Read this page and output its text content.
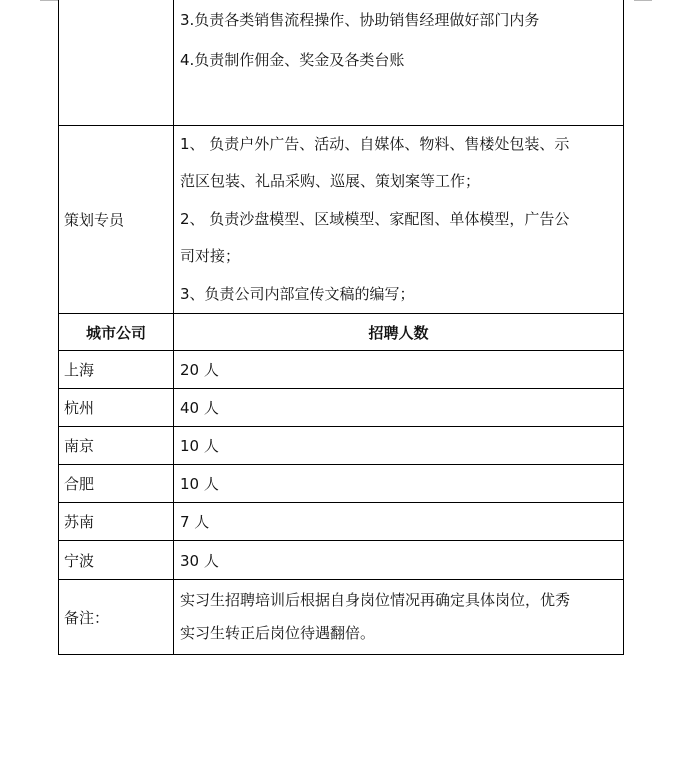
	3.负责各类销售流程操作、协助销售经理做好部门内务
4.负责制作佣金、奖金及各类台账

策划专员	1、 负责户外广告、活动、自媒体、物料、售楼处包装、示
范区包装、礼品采购、巡展、策划案等工作；
2、 负责沙盘模型、区域模型、家配图、单体模型，广告公
司对接；
3、负责公司内部宣传文稿的编写；

城市公司	招聘人数
上海	20 人
杭州	40 人
南京	10 人
合肥	10 人
苏南	7 人
宁波	30 人
备注：	实习生招聘培训后根据自身岗位情况再确定具体岗位，优秀
实习生转正后岗位待遇翻倍。
